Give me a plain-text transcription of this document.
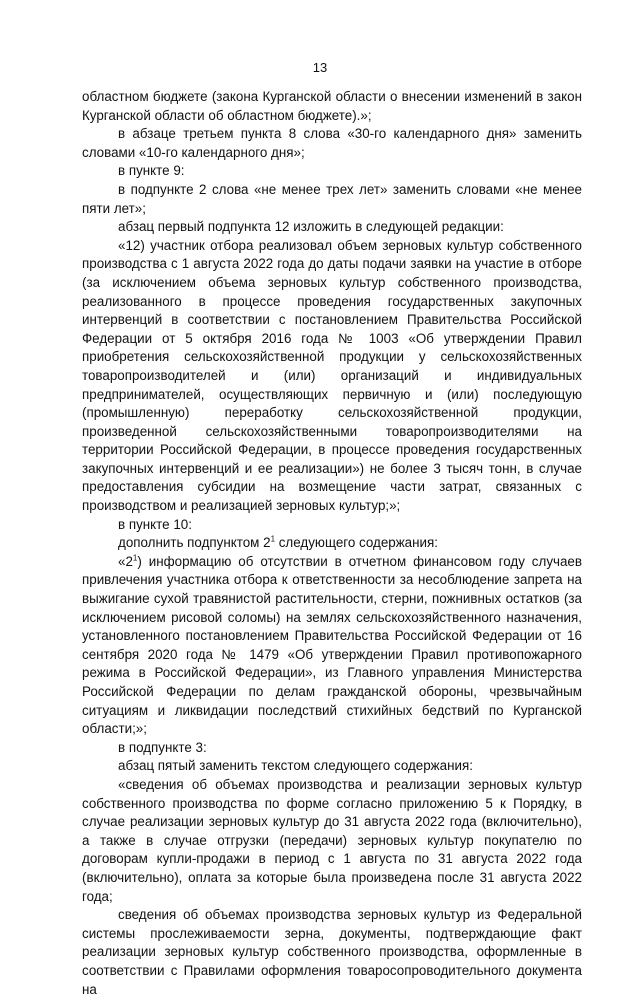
13

областном бюджете (закона Курганской области о внесении изменений в закон Курганской области об областном бюджете).»;

в абзаце третьем пункта 8 слова «30-го календарного дня» заменить словами «10-го календарного дня»;

в пункте 9:

в подпункте 2 слова «не менее трех лет» заменить словами «не менее пяти лет»;

абзац первый подпункта 12 изложить в следующей редакции:

«12) участник отбора реализовал объем зерновых культур собственного производства с 1 августа 2022 года до даты подачи заявки на участие в отборе (за исключением объема зерновых культур собственного производства, реализованного в процессе проведения государственных закупочных интервенций в соответствии с постановлением Правительства Российской Федерации от 5 октября 2016 года № 1003 «Об утверждении Правил приобретения сельскохозяйственной продукции у сельскохозяйственных товаропроизводителей и (или) организаций и индивидуальных предпринимателей, осуществляющих первичную и (или) последующую (промышленную) переработку сельскохозяйственной продукции, произведенной сельскохозяйственными товаропроизводителями на территории Российской Федерации, в процессе проведения государственных закупочных интервенций и ее реализации») не более 3 тысяч тонн, в случае предоставления субсидии на возмещение части затрат, связанных с производством и реализацией зерновых культур;»;

в пункте 10:

дополнить подпунктом $2^1$ следующего содержания:

«$2^1$) информацию об отсутствии в отчетном финансовом году случаев привлечения участника отбора к ответственности за несоблюдение запрета на выжигание сухой травянистой растительности, стерни, пожнивных остатков (за исключением рисовой соломы) на землях сельскохозяйственного назначения, установленного постановлением Правительства Российской Федерации от 16 сентября 2020 года № 1479 «Об утверждении Правил противопожарного режима в Российской Федерации», из Главного управления Министерства Российской Федерации по делам гражданской обороны, чрезвычайным ситуациям и ликвидации последствий стихийных бедствий по Курганской области;»;

в подпункте 3:

абзац пятый заменить текстом следующего содержания:

«сведения об объемах производства и реализации зерновых культур собственного производства по форме согласно приложению 5 к Порядку, в случае реализации зерновых культур до 31 августа 2022 года (включительно), а также в случае отгрузки (передачи) зерновых культур покупателю по договорам купли-продажи в период с 1 августа по 31 августа 2022 года (включительно), оплата за которые была произведена после 31 августа 2022 года;

сведения об объемах производства зерновых культур из Федеральной системы прослеживаемости зерна, документы, подтверждающие факт реализации зерновых культур собственного производства, оформленные в соответствии с Правилами оформления товаросопроводительного документа на
